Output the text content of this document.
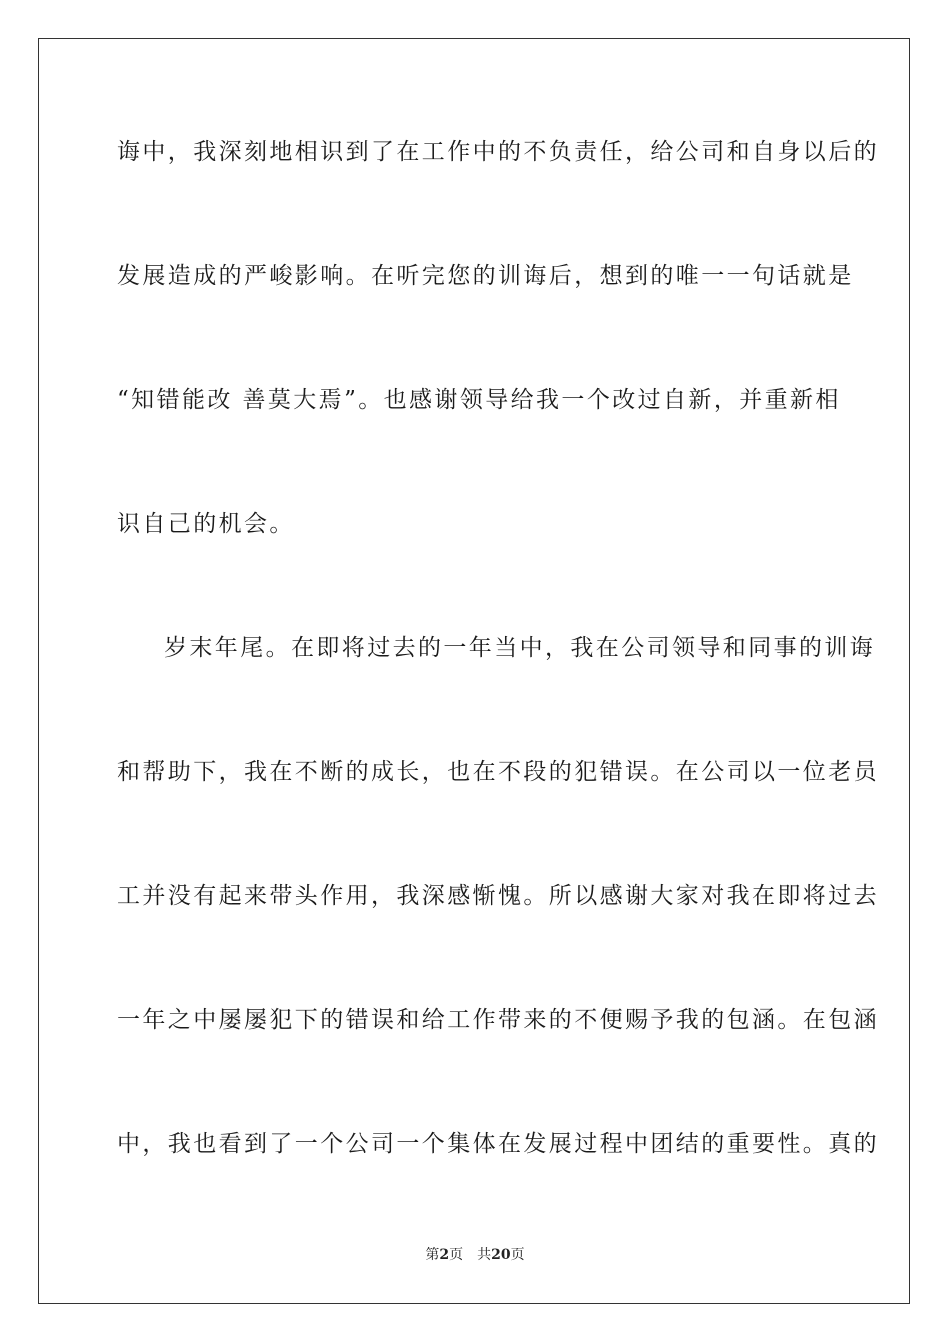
诲中，我深刻地相识到了在工作中的不负责任，给公司和自身以后的
发展造成的严峻影响。在听完您的训诲后，想到的唯一一句话就是
“知错能改 善莫大焉”。也感谢领导给我一个改过自新，并重新相
识自己的机会。
岁末年尾。在即将过去的一年当中，我在公司领导和同事的训诲
和帮助下，我在不断的成长，也在不段的犯错误。在公司以一位老员
工并没有起来带头作用，我深感惭愧。所以感谢大家对我在即将过去
一年之中屡屡犯下的错误和给工作带来的不便赐予我的包涵。在包涵
中，我也看到了一个公司一个集体在发展过程中团结的重要性。真的
第2页 共20页
